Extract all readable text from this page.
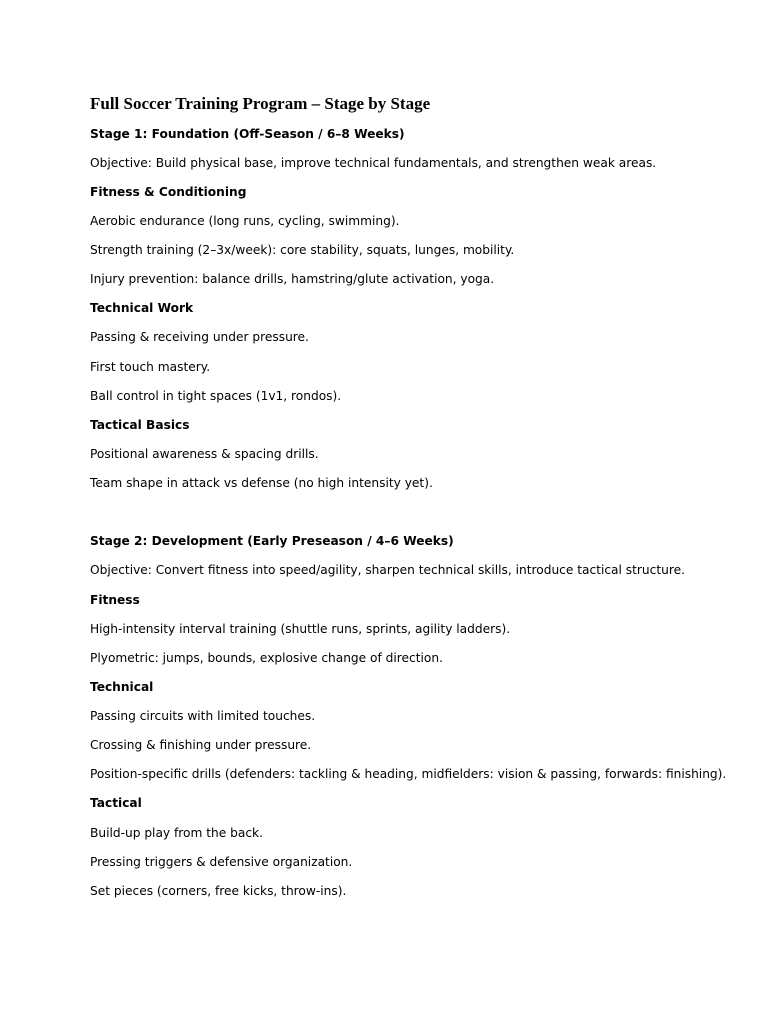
Full Soccer Training Program – Stage by Stage
Stage 1: Foundation (Off-Season / 6–8 Weeks)
Objective: Build physical base, improve technical fundamentals, and strengthen weak areas.
Fitness & Conditioning
Aerobic endurance (long runs, cycling, swimming).
Strength training (2–3x/week): core stability, squats, lunges, mobility.
Injury prevention: balance drills, hamstring/glute activation, yoga.
Technical Work
Passing & receiving under pressure.
First touch mastery.
Ball control in tight spaces (1v1, rondos).
Tactical Basics
Positional awareness & spacing drills.
Team shape in attack vs defense (no high intensity yet).
Stage 2: Development (Early Preseason / 4–6 Weeks)
Objective: Convert fitness into speed/agility, sharpen technical skills, introduce tactical structure.
Fitness
High-intensity interval training (shuttle runs, sprints, agility ladders).
Plyometric: jumps, bounds, explosive change of direction.
Technical
Passing circuits with limited touches.
Crossing & finishing under pressure.
Position-specific drills (defenders: tackling & heading, midfielders: vision & passing, forwards: finishing).
Tactical
Build-up play from the back.
Pressing triggers & defensive organization.
Set pieces (corners, free kicks, throw-ins).
